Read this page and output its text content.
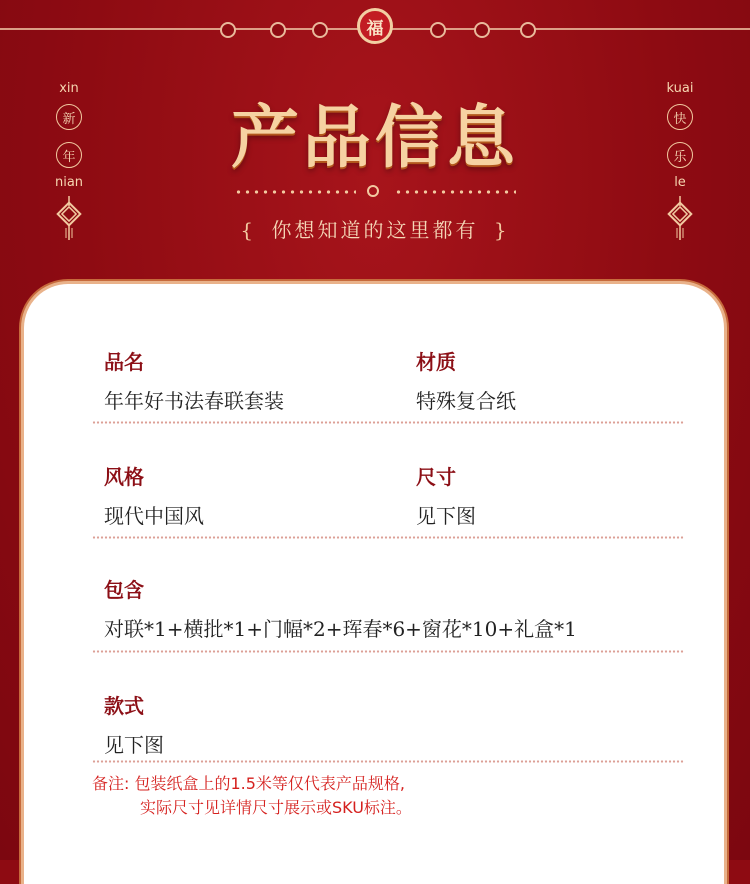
福
xin
新
年
nian
kuai
快
乐
le
产品信息
{ 你想知道的这里都有 }
品名
年年好书法春联套装
材质
特殊复合纸
风格
现代中国风
尺寸
见下图
包含
对联*1+横批*1+门幅*2+珲春*6+窗花*10+礼盒*1
款式
见下图
备注: 包装纸盒上的1.5米等仅代表产品规格,
实际尺寸见详情尺寸展示或SKU标注。
